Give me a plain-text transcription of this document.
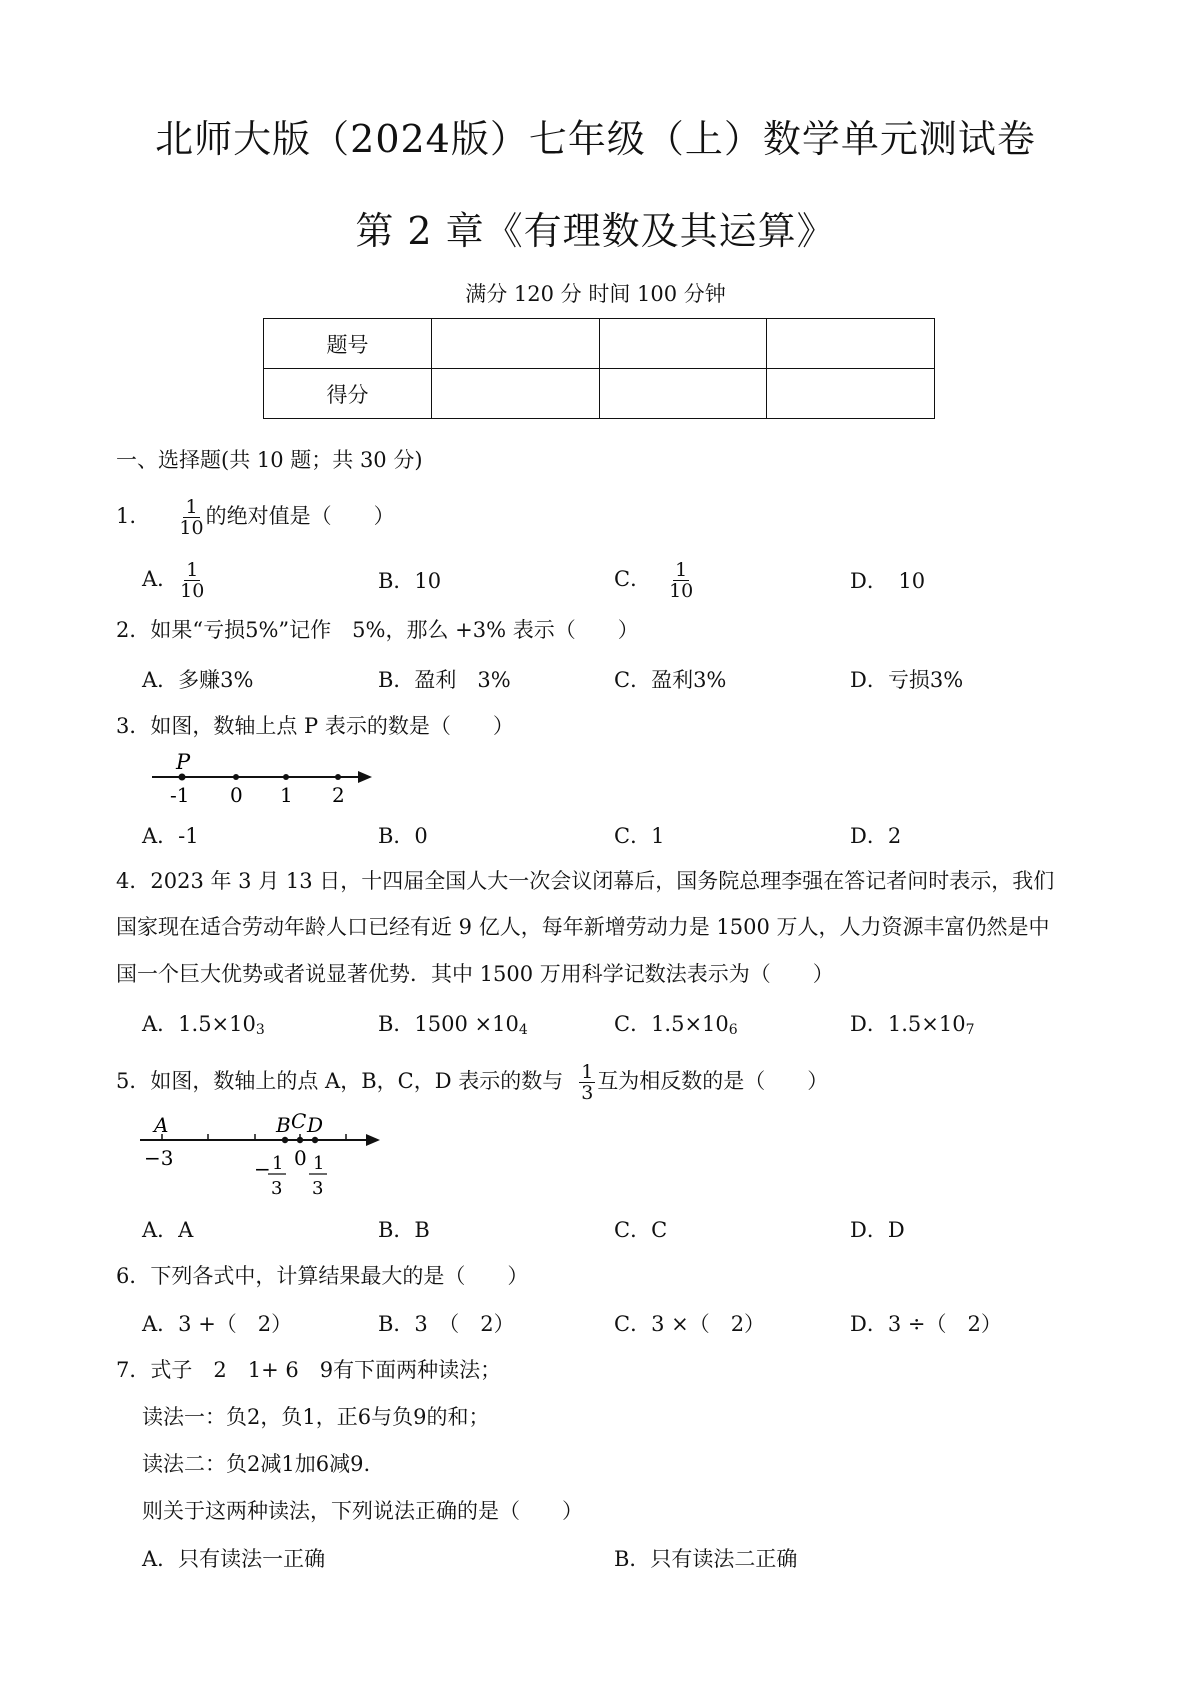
北师大版（2024版）七年级（上）数学单元测试卷
第 2 章《有理数及其运算》
满分 120 分 时间 100 分钟
题号			
得分			
一、选择题(共 10 题；共 30 分)
1. $\frac{1}{10}$ 的绝对值是（　　）
A． $\frac{1}{10}$	B．10	C． $\frac{1}{10}$	D．　10
2．如果“亏损5%”记作　5%，那么 +3% 表示（　　）
A．多赚3%	B．盈利　3%	C．盈利3%	D．亏损3%
3．如图，数轴上点 P 表示的数是（　　）
P
-1 0 1 2
A．-1	B．0	C．1	D．2
4．2023 年 3 月 13 日，十四届全国人大一次会议闭幕后，国务院总理李强在答记者问时表示，我们
国家现在适合劳动年龄人口已经有近 9 亿人，每年新增劳动力是 1500 万人，人力资源丰富仍然是中
国一个巨大优势或者说显著优势．其中 1500 万用科学记数法表示为（　　）
A．$1.5\times 10_3$	B．$1500 \times 10_4$	C．$1.5\times 10_6$	D．$1.5\times 10_7$
5．如图，数轴上的点 A，B，C，D 表示的数与 $\frac{1}{3}$ 互为相反数的是（　　）
A	B C D
−3	− 1
3
0 1
3
A．A	B．B	C．C	D．D
6．下列各式中，计算结果最大的是（　　）
A．3 +（　2）	B．3　（　2）	C．3 ×（　2）	D．3 ÷（　2）
7．式子　2　1+ 6　9有下面两种读法；
读法一：负2，负1，正6与负9的和；
读法二：负2减1加6减9.
则关于这两种读法，下列说法正确的是（　　）
A．只有读法一正确	B．只有读法二正确
